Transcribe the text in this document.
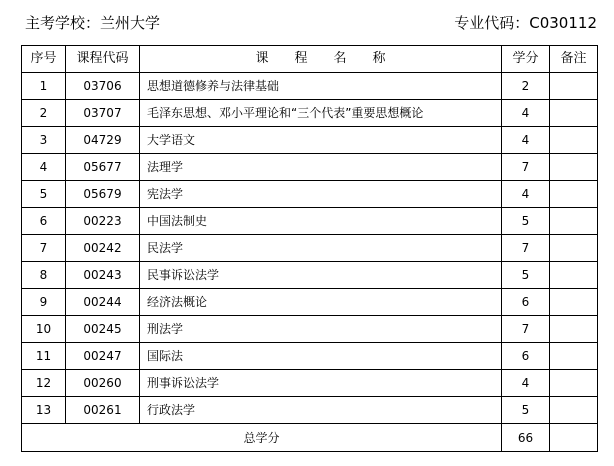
主考学校：兰州大学	专业代码：C030112
序号	课程代码	课　　程　　名　　称	学分	备注
1	03706	思想道德修养与法律基础	2	
2	03707	毛泽东思想、邓小平理论和“三个代表”重要思想概论	4	
3	04729	大学语文	4	
4	05677	法理学	7	
5	05679	宪法学	4	
6	00223	中国法制史	5	
7	00242	民法学	7	
8	00243	民事诉讼法学	5	
9	00244	经济法概论	6	
10	00245	刑法学	7	
11	00247	国际法	6	
12	00260	刑事诉讼法学	4	
13	00261	行政法学	5	
总学分			66	
